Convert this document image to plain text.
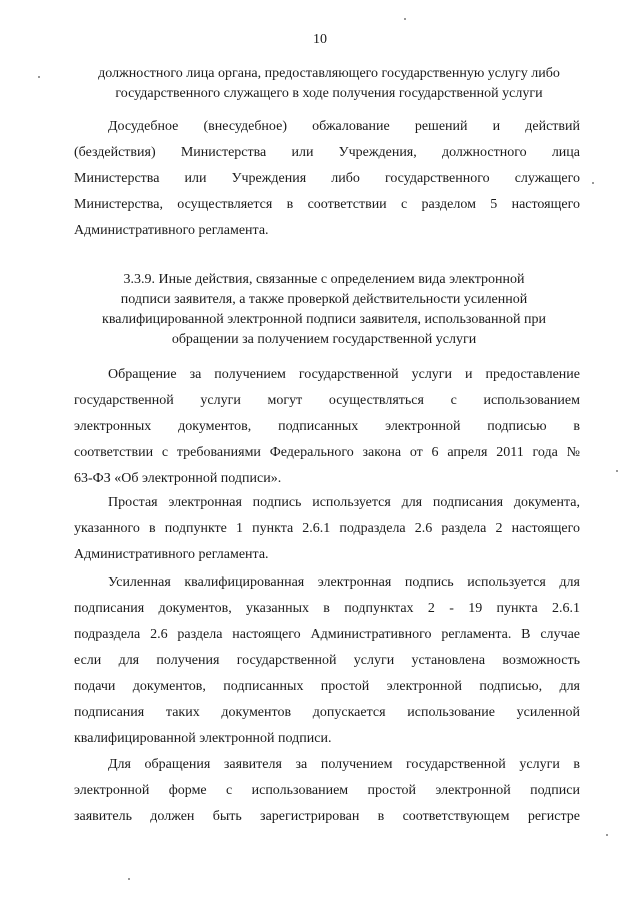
10
должностного лица органа, предоставляющего государственную услугу либо
государственного служащего в ходе получения государственной услуги
Досудебное (внесудебное) обжалование решений и действий
(бездействия) Министерства или Учреждения, должностного лица
Министерства или Учреждения либо государственного служащего
Министерства, осуществляется в соответствии с разделом 5 настоящего
Административного регламента.
3.3.9. Иные действия, связанные с определением вида электронной
подписи заявителя, а также проверкой действительности усиленной
квалифицированной электронной подписи заявителя, использованной при
обращении за получением государственной услуги
Обращение за получением государственной услуги и предоставление
государственной услуги могут осуществляться с использованием
электронных документов, подписанных электронной подписью в
соответствии с требованиями Федерального закона от 6 апреля 2011 года №
63-ФЗ «Об электронной подписи».
Простая электронная подпись используется для подписания документа,
указанного в подпункте 1 пункта 2.6.1 подраздела 2.6 раздела 2 настоящего
Административного регламента.
Усиленная квалифицированная электронная подпись используется для
подписания документов, указанных в подпунктах 2 - 19 пункта 2.6.1
подраздела 2.6 раздела настоящего Административного регламента. В случае
если для получения государственной услуги установлена возможность
подачи документов, подписанных простой электронной подписью, для
подписания таких документов допускается использование усиленной
квалифицированной электронной подписи.
Для обращения заявителя за получением государственной услуги в
электронной форме с использованием простой электронной подписи
заявитель должен быть зарегистрирован в соответствующем регистре
